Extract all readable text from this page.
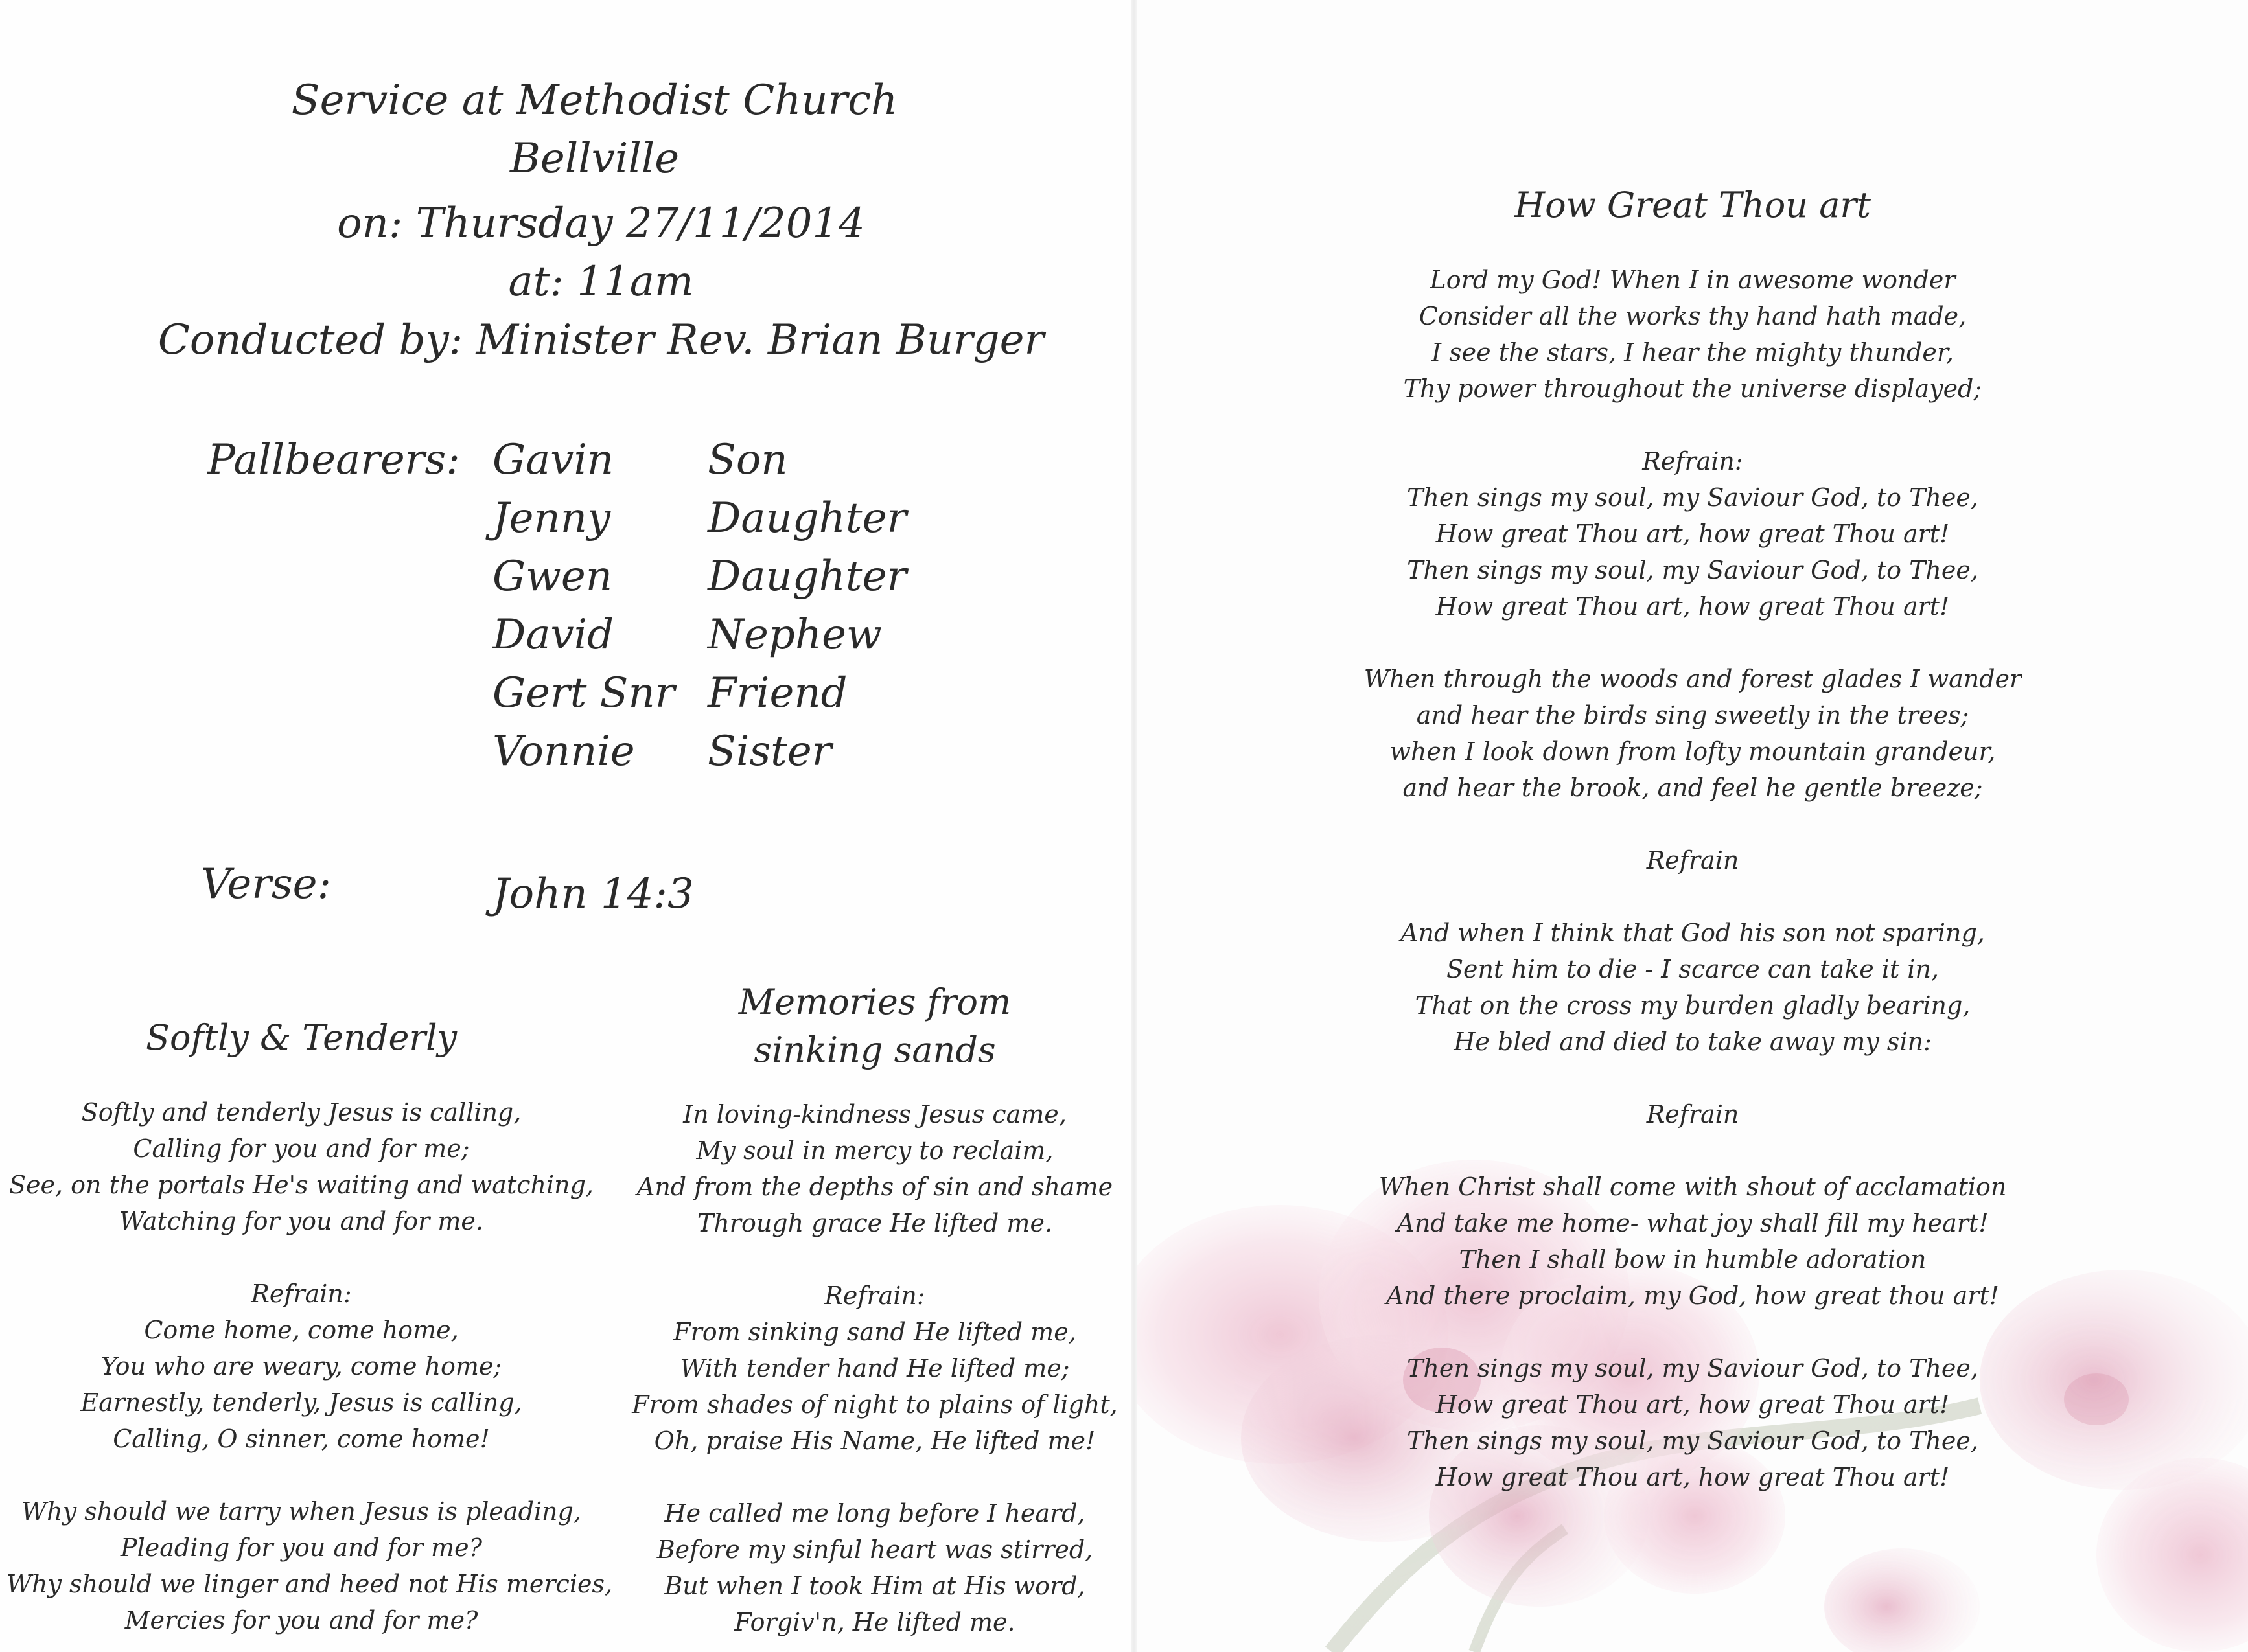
Service at Methodist Church
Bellville
on: Thursday 27/11/2014
at: 11am
Conducted by: Minister Rev. Brian Burger
Pallbearers: Gavin Son
Jenny Daughter
Gwen Daughter
David Nephew
Gert Snr Friend
Vonnie Sister
Verse:	John 14:3
Softly & Tenderly
Softly and tenderly Jesus is calling,
Calling for you and for me;
See, on the portals He's waiting and watching,
Watching for you and for me.
Refrain:
Come home, come home,
You who are weary, come home;
Earnestly, tenderly, Jesus is calling,
Calling, O sinner, come home!
Why should we tarry when Jesus is pleading,
Pleading for you and for me?
Why should we linger and heed not His mercies,
Mercies for you and for me?
Memories from sinking sands
In loving-kindness Jesus came,
My soul in mercy to reclaim,
And from the depths of sin and shame
Through grace He lifted me.
Refrain:
From sinking sand He lifted me,
With tender hand He lifted me;
From shades of night to plains of light,
Oh, praise His Name, He lifted me!
He called me long before I heard,
Before my sinful heart was stirred,
But when I took Him at His word,
Forgiv'n, He lifted me.
How Great Thou art
Lord my God! When I in awesome wonder
Consider all the works thy hand hath made,
I see the stars, I hear the mighty thunder,
Thy power throughout the universe displayed;
Refrain:
Then sings my soul, my Saviour God, to Thee,
How great Thou art, how great Thou art!
Then sings my soul, my Saviour God, to Thee,
How great Thou art, how great Thou art!
When through the woods and forest glades I wander
and hear the birds sing sweetly in the trees;
when I look down from lofty mountain grandeur,
and hear the brook, and feel he gentle breeze;
Refrain
And when I think that God his son not sparing,
Sent him to die - I scarce can take it in,
That on the cross my burden gladly bearing,
He bled and died to take away my sin:
Refrain
When Christ shall come with shout of acclamation
And take me home- what joy shall fill my heart!
Then I shall bow in humble adoration
And there proclaim, my God, how great thou art!
Then sings my soul, my Saviour God, to Thee,
How great Thou art, how great Thou art!
Then sings my soul, my Saviour God, to Thee,
How great Thou art, how great Thou art!
